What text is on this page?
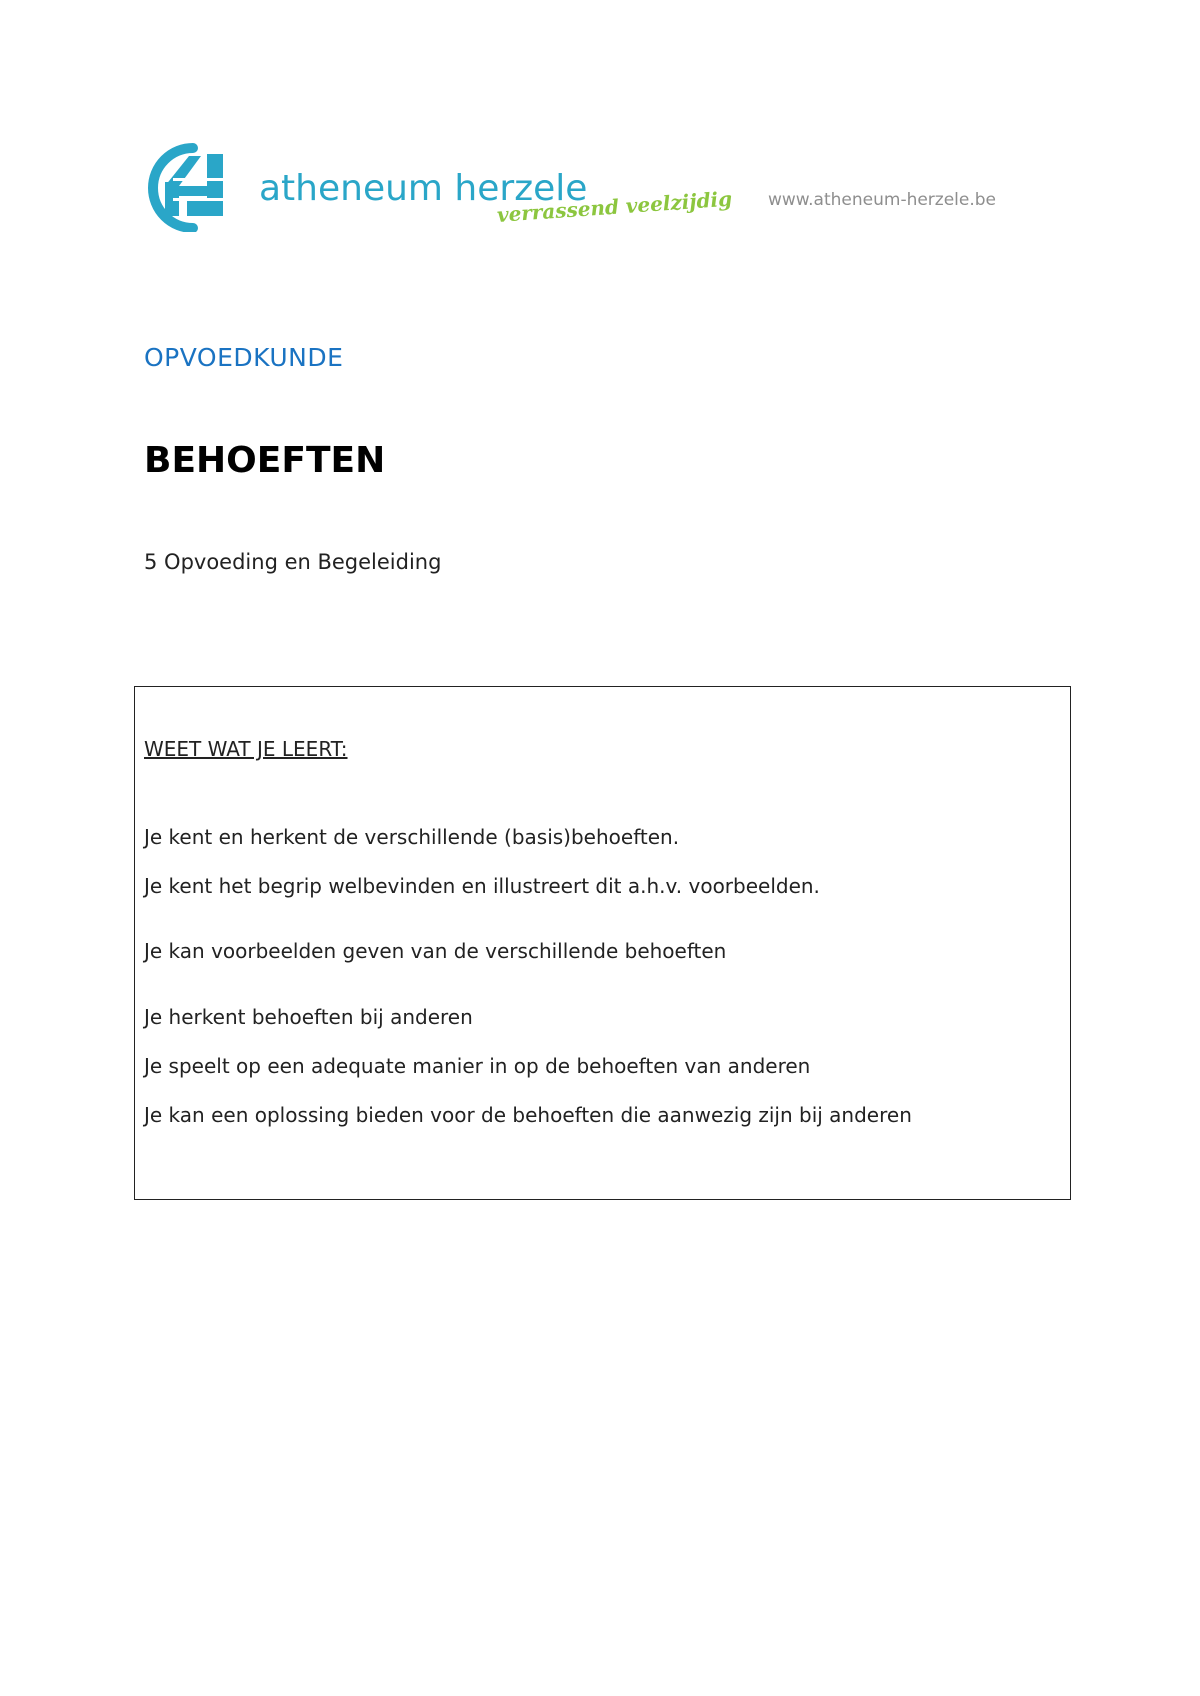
atheneum herzele
verrassend veelzijdig www.atheneum-herzele.be
OPVOEDKUNDE
BEHOEFTEN
5 Opvoeding en Begeleiding
WEET WAT JE LEERT:
Je kent en herkent de verschillende (basis)behoeften.
Je kent het begrip welbevinden en illustreert dit a.h.v. voorbeelden.
Je kan voorbeelden geven van de verschillende behoeften
Je herkent behoeften bij anderen
Je speelt op een adequate manier in op de behoeften van anderen
Je kan een oplossing bieden voor de behoeften die aanwezig zijn bij anderen
